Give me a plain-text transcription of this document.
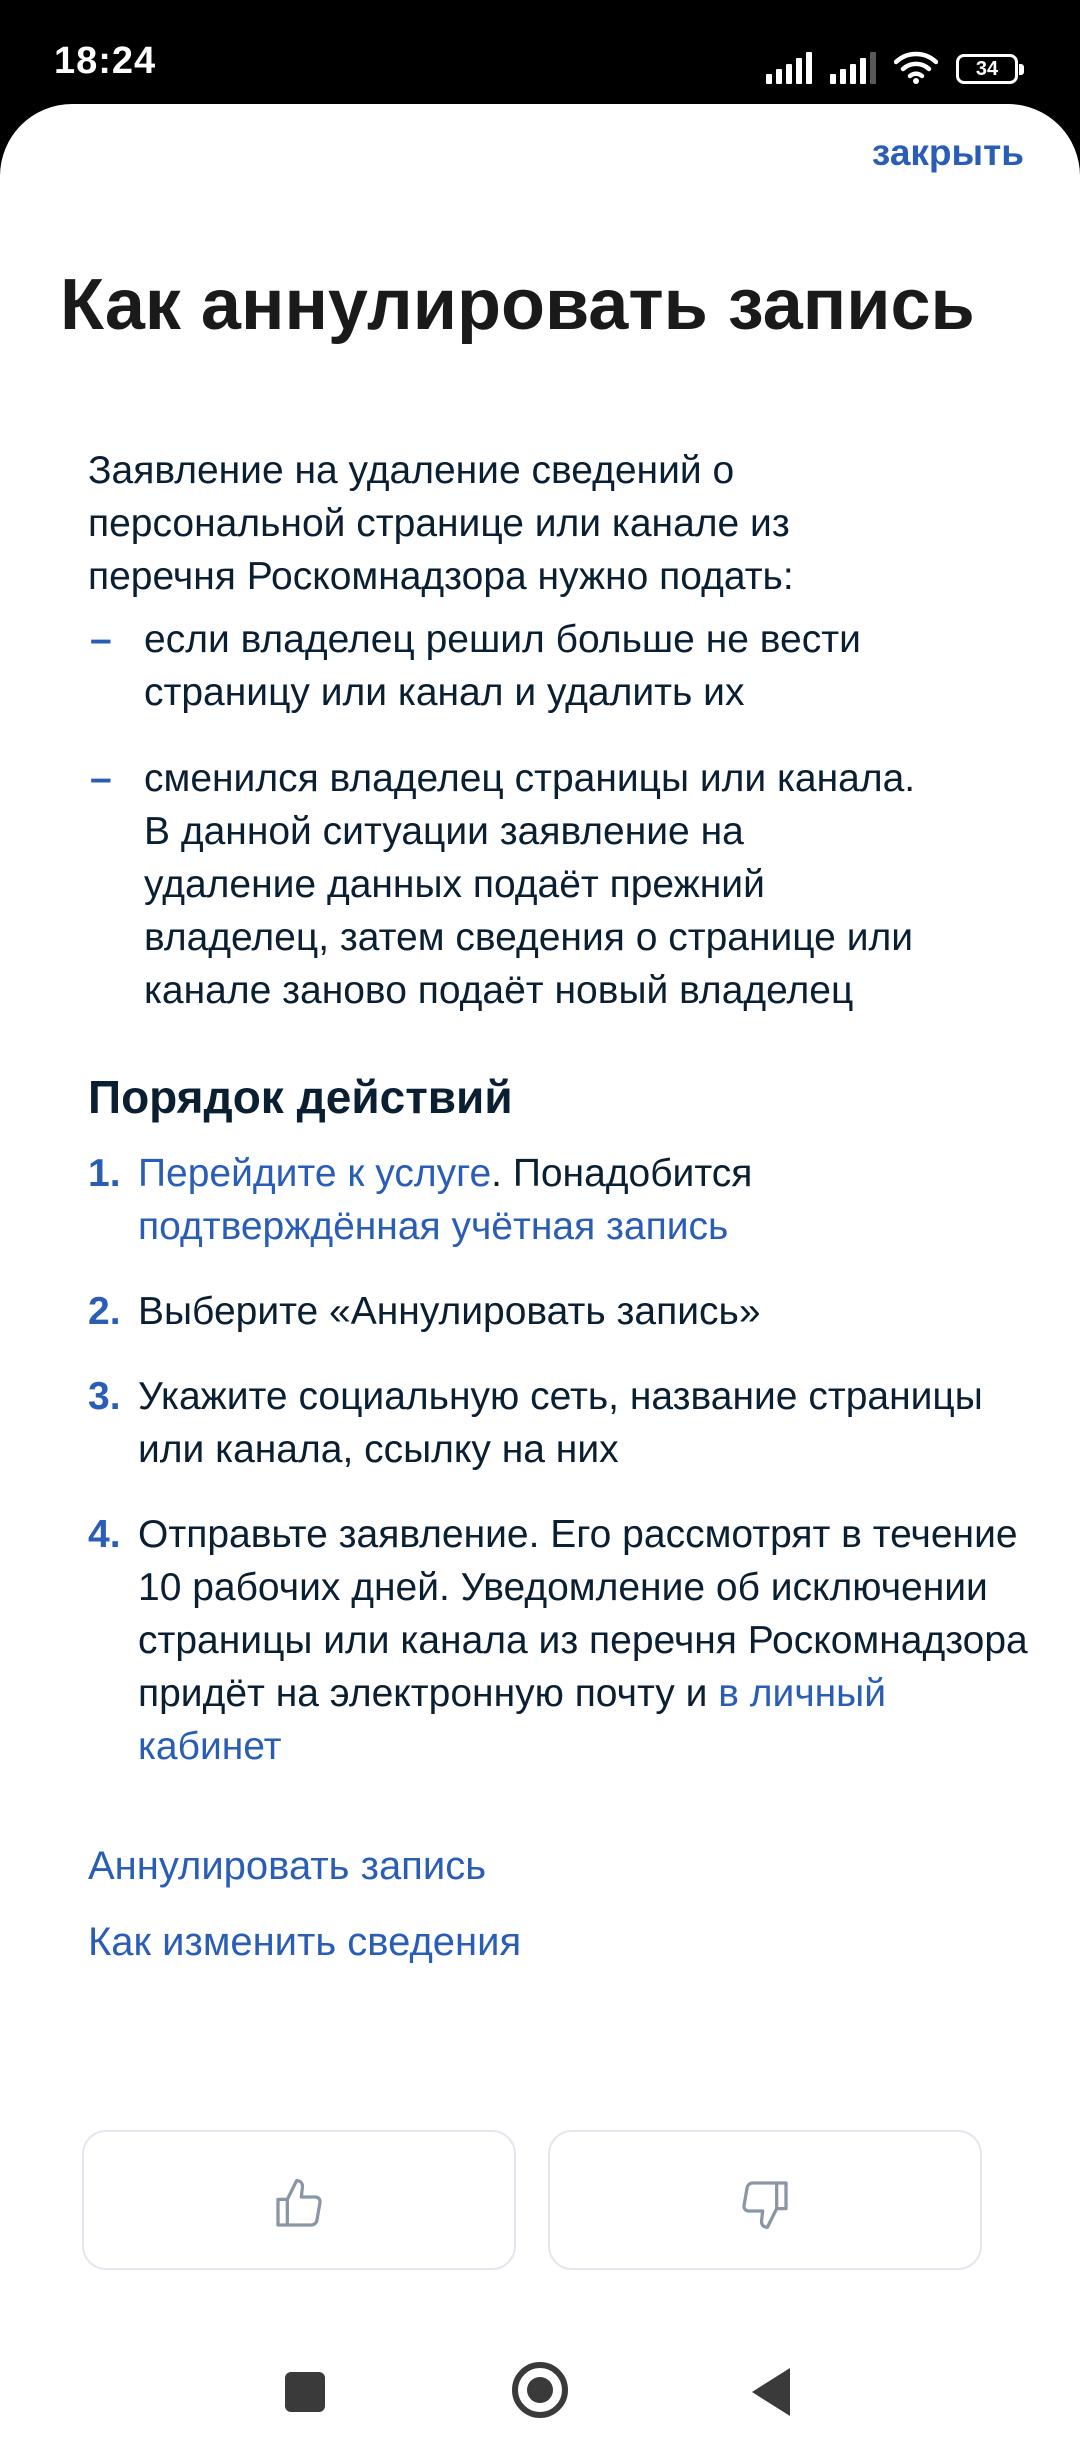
18:24	34
закрыть
Как аннулировать запись

Заявление на удаление сведений о персональной странице или канале из перечня Роскомнадзора нужно подать:

– если владелец решил больше не вести страницу или канал и удалить их
– сменился владелец страницы или канала. В данной ситуации заявление на удаление данных подаёт прежний владелец, затем сведения о странице или канале заново подаёт новый владелец
Порядок действий
1. Перейдите к услуге. Понадобится подтверждённая учётная запись
2. Выберите «Аннулировать запись»
3. Укажите социальную сеть, название страницы или канала, ссылку на них
4. Отправьте заявление. Его рассмотрят в течение 10 рабочих дней. Уведомление об исключении страницы или канала из перечня Роскомнадзора придёт на электронную почту и в личный кабинет
Аннулировать запись
Как изменить сведения
